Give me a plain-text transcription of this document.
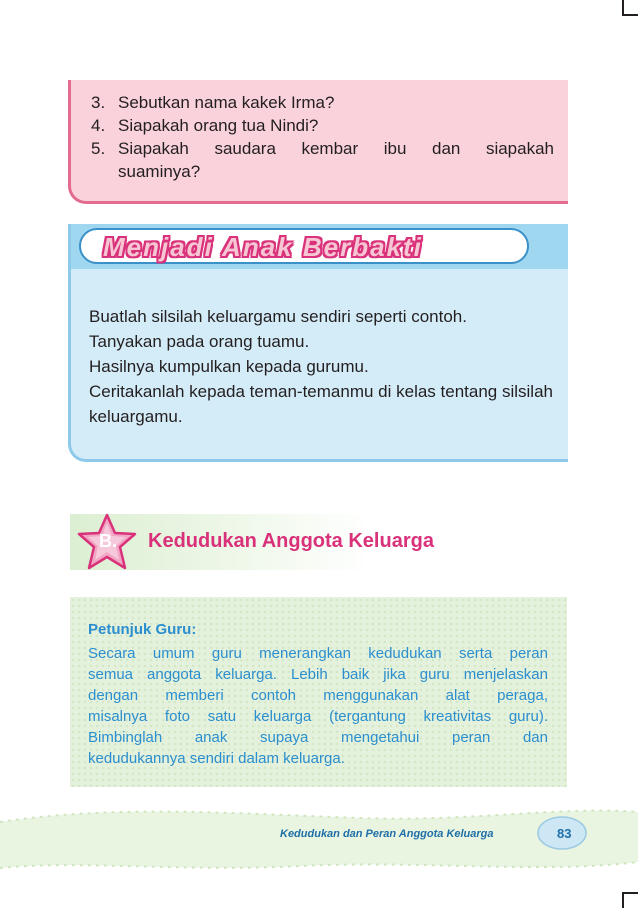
3. Sebutkan nama kakek Irma?
4. Siapakah orang tua Nindi?
5. Siapakah saudara kembar ibu dan siapakah suaminya?
Menjadi Anak Berbakti

Buatlah silsilah keluargamu sendiri seperti contoh.

Tanyakan pada orang tuamu.

Hasilnya kumpulkan kepada gurumu.

Ceritakanlah kepada teman-temanmu di kelas tentang silsilah keluargamu.

B.	Kedudukan Anggota Keluarga
Petunjuk Guru:
Secara umum guru menerangkan kedudukan serta peran
semua anggota keluarga. Lebih baik jika guru menjelaskan
dengan memberi contoh menggunakan alat peraga,
misalnya foto satu keluarga (tergantung kreativitas guru).
Bimbinglah anak supaya mengetahui peran dan
kedudukannya sendiri dalam keluarga.
Kedudukan dan Peran Anggota Keluarga	83
